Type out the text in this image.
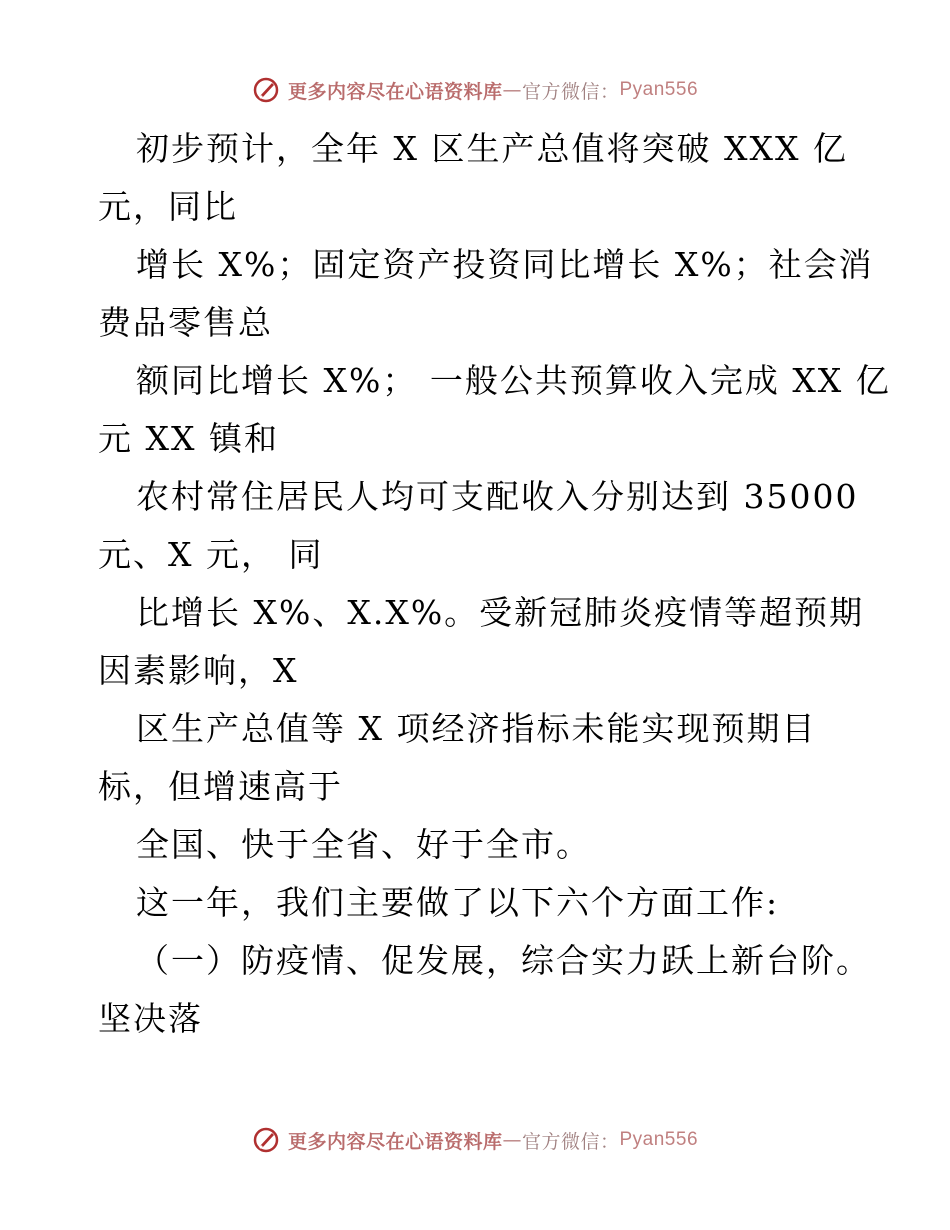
更多内容尽在心语资料库 — 官方微信： Pyan556
初步预计，全年 X 区生产总值将突破 XXX 亿
元，同比
增长 X%；固定资产投资同比增长 X%；社会消
费品零售总
额同比增长 X%； 一般公共预算收入完成 XX 亿
元 XX 镇和
农村常住居民人均可支配收入分别达到 35000
元、X 元， 同
比增长 X%、X.X%。受新冠肺炎疫情等超预期
因素影响，X
区生产总值等 X 项经济指标未能实现预期目
标，但增速高于
全国、快于全省、好于全市。
这一年，我们主要做了以下六个方面工作:
（一）防疫情、促发展，综合实力跃上新台阶。
坚决落
更多内容尽在心语资料库 — 官方微信： Pyan556
